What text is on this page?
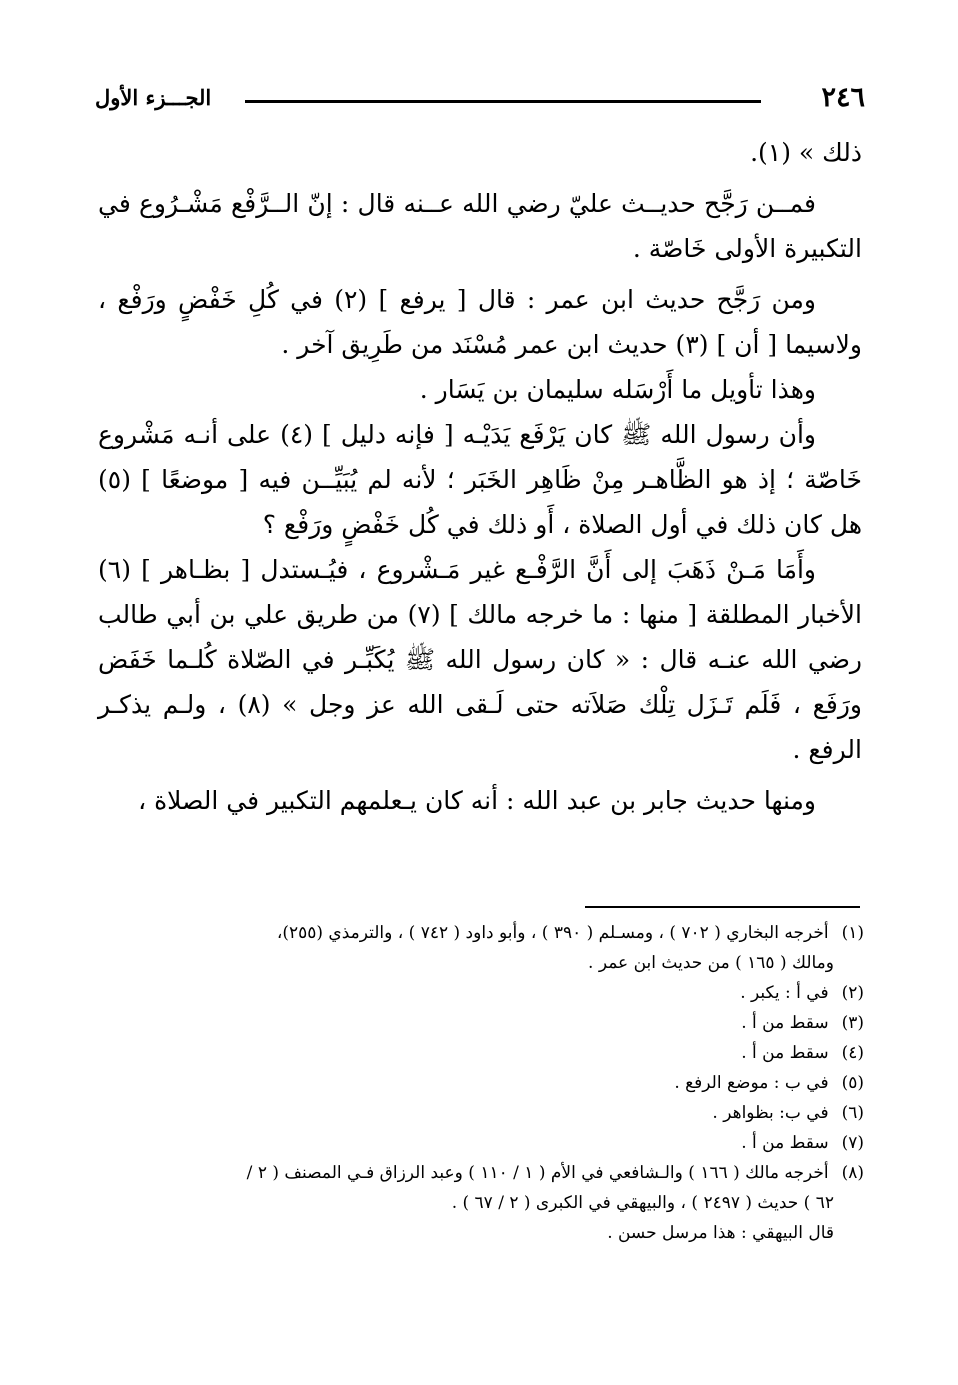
٢٤٦
الجـــزء الأول

ذلك » (١).

فمــن رَجَّح حديــث عليّ رضي الله عــنه قال : إنّ الــرَّفْع مَشْـرُوع في التكبيرة الأولى خَاصّة .

ومن رَجَّح حديث ابن عمر : قال [ يرفع ] (٢) في كُلِ خَفْضٍ ورَفْع ، ولاسيما [ أن ] (٣) حديث ابن عمر مُسْنَد من طَرِيق آخر .

وهذا تأويل ما أَرْسَله سليمان بن يَسَار .

وأن رسول الله ﷺ كان يَرْفَع يَدَيْـه [ فإنه دليل ] (٤) على أنـه مَشْروع خَاصّة ؛ إذ هو الظَّاهـر مِنْ ظَاهِر الخَبَر ؛ لأنه لم يُبَيِّــن فيه [ موضعًا ] (٥) هل كان ذلك في أول الصلاة ، أَو ذلك في كُل خَفْضٍ ورَفْع ؟

وأَمَا مَـنْ ذَهَبَ إلى أَنَّ الرَّفْـع غير مَـشْروع ، فيُـستدل [ بظـاهر ] (٦) الأخبار المطلقة [ منها : ما خرجه مالك ] (٧) من طريق علي بن أبي طالب رضي الله عنـه قال : « كان رسول الله ﷺ يُكَبِّـر في الصّلاة كُلـما خَفَض ورَفَع ، فَلَم تَـزَل تِلْك صَلاَته حتى لَـقى الله عز وجل » (٨) ، ولـم يذكـر الرفع .

ومنها حديث جابر بن عبد الله : أنه كان يـعلمهم التكبير في الصلاة ،

(١) أخرجه البخاري ( ٧٠٢ ) ، ومسـلم ( ٣٩٠ ) ، وأبو داود ( ٧٤٢ ) ، والترمذي (٢٥٥)،

ومالك ( ١٦٥ ) من حديث ابن عمر .

(٢) في أ : يكبر .

(٣) سقط من أ .

(٤) سقط من أ .

(٥) في ب : موضع الرفع .

(٦) في ب: بظواهر .

(٧) سقط من أ .

(٨) أخرجه مالك ( ١٦٦ ) والـشافعي في الأم ( ١ / ١١٠ ) وعبد الرزاق فـي المصنف ( ٢ /

٦٢ ) حديث ( ٢٤٩٧ ) ، والبيهقي في الكبرى ( ٢ / ٦٧ ) .

قال البيهقي : هذا مرسل حسن .
